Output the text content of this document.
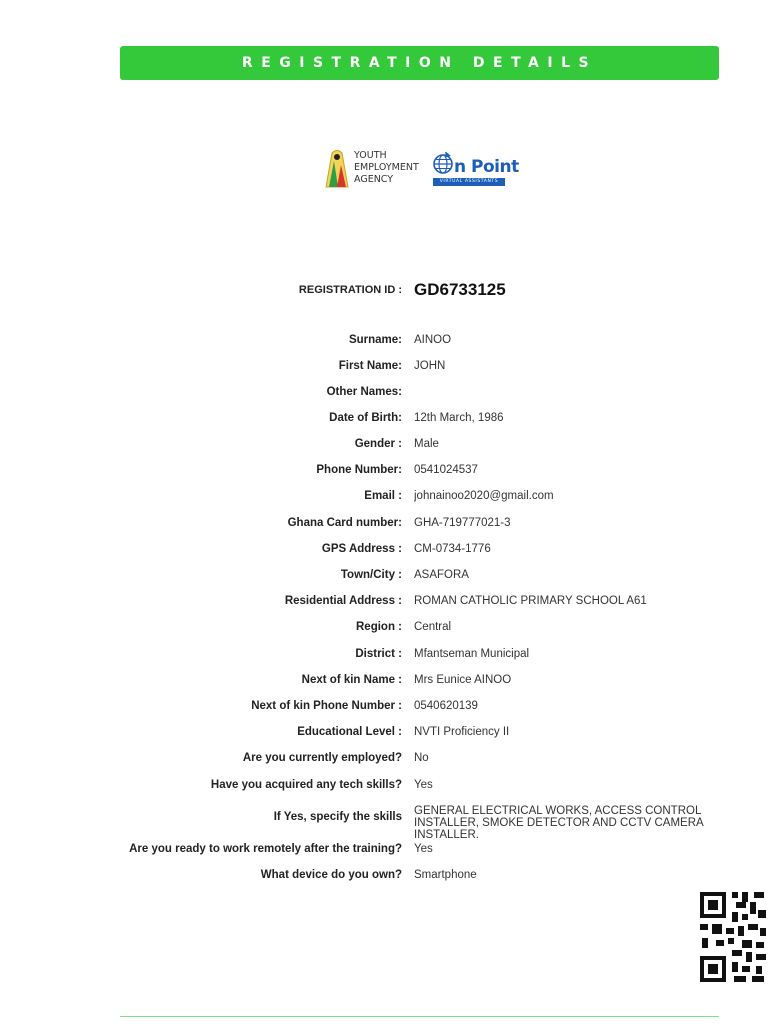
REGISTRATION DETAILS
YOUTH
EMPLOYMENT
AGENCY
n Point
VIRTUAL ASSISTANTS
REGISTRATION ID : GD6733125
Surname: AINOO
First Name: JOHN
Other Names:
Date of Birth: 12th March, 1986
Gender : Male
Phone Number: 0541024537
Email : johnainoo2020@gmail.com
Ghana Card number: GHA-719777021-3
GPS Address : CM-0734-1776
Town/City : ASAFORA
Residential Address : ROMAN CATHOLIC PRIMARY SCHOOL A61
Region : Central
District : Mfantseman Municipal
Next of kin Name : Mrs Eunice AINOO
Next of kin Phone Number : 0540620139
Educational Level : NVTI Proficiency II
Are you currently employed? No
Have you acquired any tech skills? Yes
If Yes, specify the skills GENERAL ELECTRICAL WORKS, ACCESS CONTROL INSTALLER, SMOKE DETECTOR AND CCTV CAMERA INSTALLER.
Are you ready to work remotely after the training? Yes
What device do you own? Smartphone
